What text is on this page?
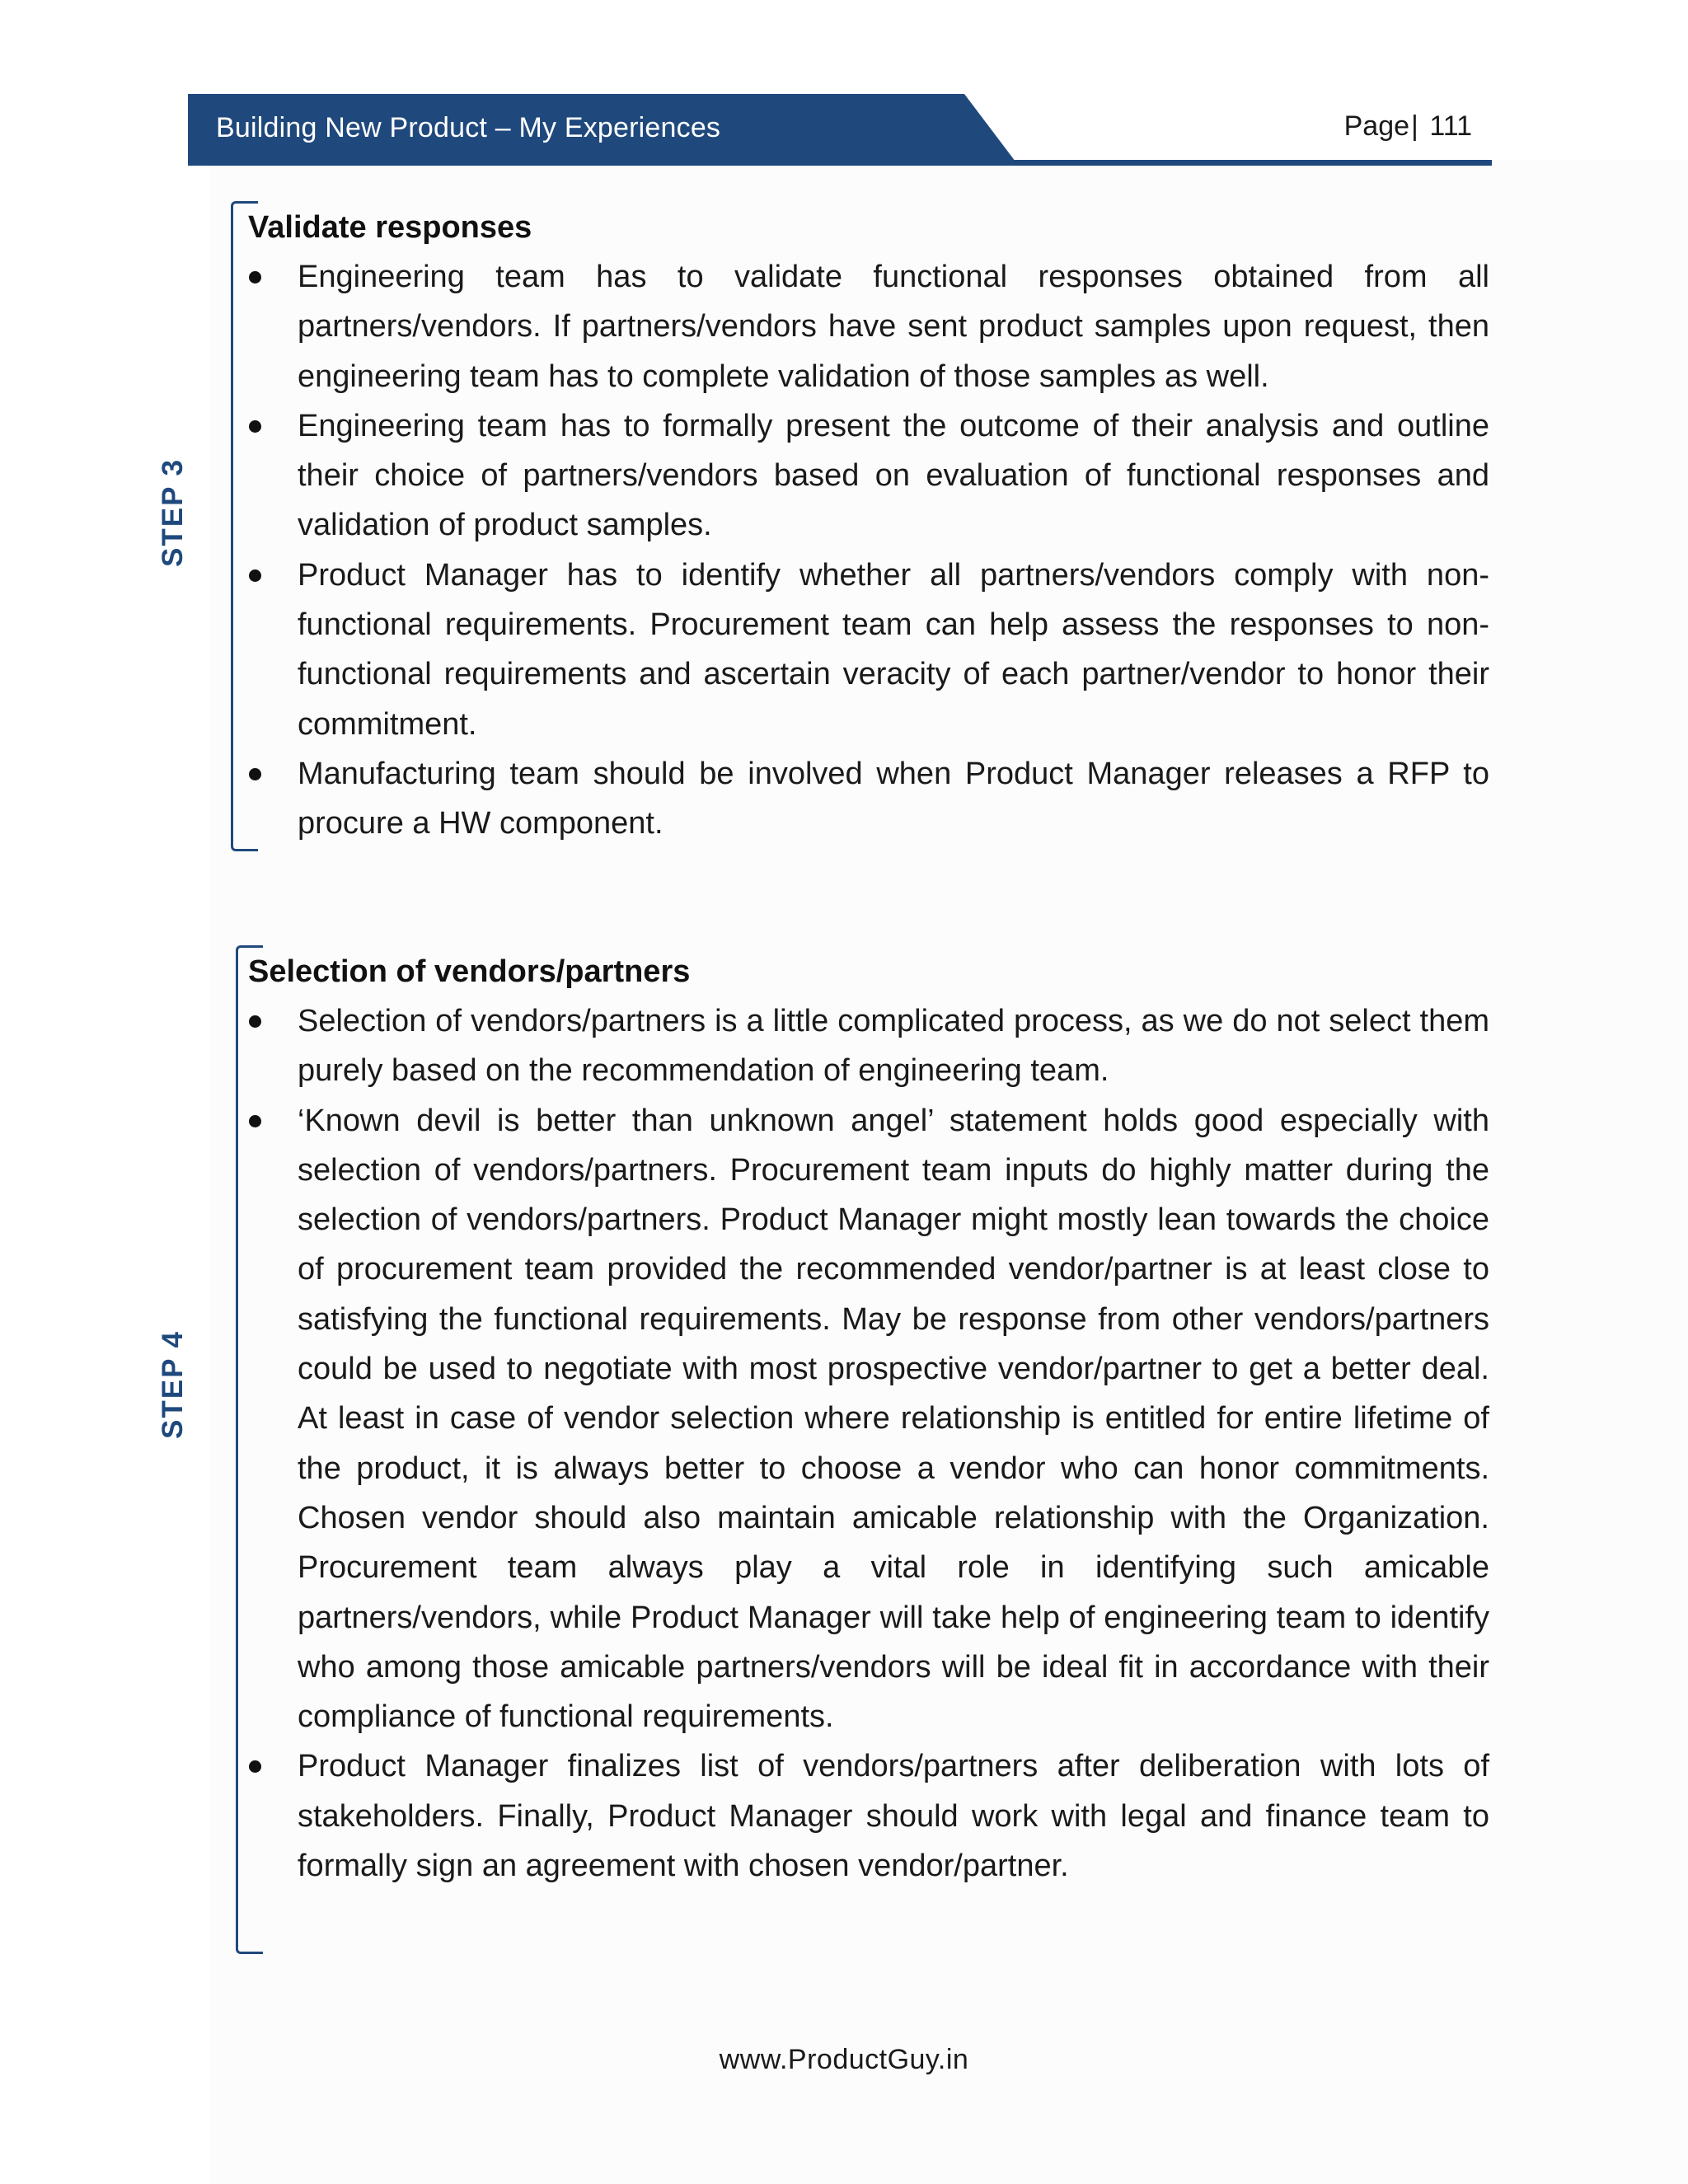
Building New Product – My Experiences	Page| 111
STEP 3
Validate responses
Engineering team has to validate functional responses obtained from all partners/vendors. If partners/vendors have sent product samples upon request, then engineering team has to complete validation of those samples as well.
Engineering team has to formally present the outcome of their analysis and outline their choice of partners/vendors based on evaluation of functional responses and validation of product samples.
Product Manager has to identify whether all partners/vendors comply with non-functional requirements. Procurement team can help assess the responses to non-functional requirements and ascertain veracity of each partner/vendor to honor their commitment.
Manufacturing team should be involved when Product Manager releases a RFP to procure a HW component.
STEP 4
Selection of vendors/partners
Selection of vendors/partners is a little complicated process, as we do not select them purely based on the recommendation of engineering team.
‘Known devil is better than unknown angel’ statement holds good especially with selection of vendors/partners. Procurement team inputs do highly matter during the selection of vendors/partners. Product Manager might mostly lean towards the choice of procurement team provided the recommended vendor/partner is at least close to satisfying the functional requirements. May be response from other vendors/partners could be used to negotiate with most prospective vendor/partner to get a better deal. At least in case of vendor selection where relationship is entitled for entire lifetime of the product, it is always better to choose a vendor who can honor commitments. Chosen vendor should also maintain amicable relationship with the Organization. Procurement team always play a vital role in identifying such amicable partners/vendors, while Product Manager will take help of engineering team to identify who among those amicable partners/vendors will be ideal fit in accordance with their compliance of functional requirements.
Product Manager finalizes list of vendors/partners after deliberation with lots of stakeholders. Finally, Product Manager should work with legal and finance team to formally sign an agreement with chosen vendor/partner.
www.ProductGuy.in
